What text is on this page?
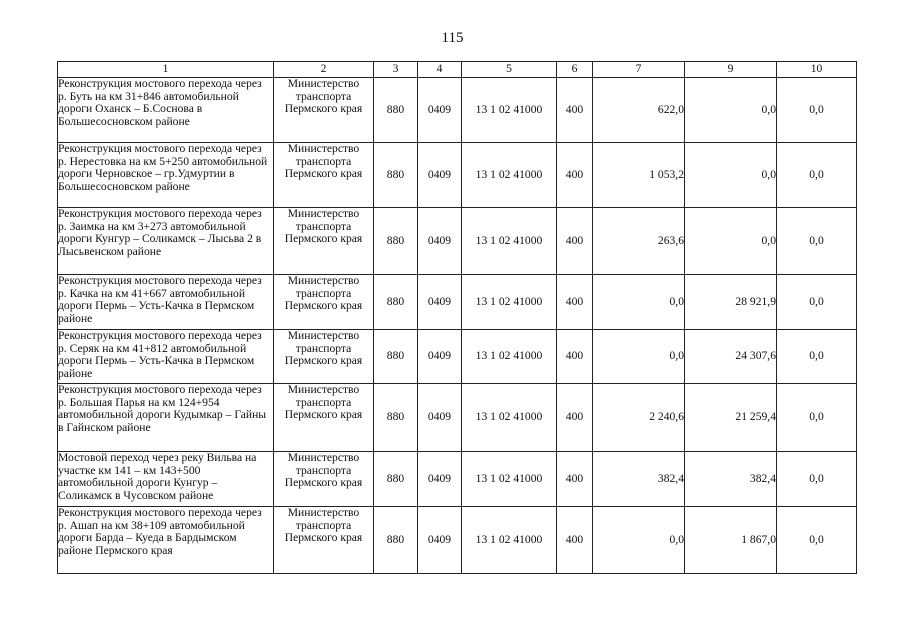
115
1	2	3	4	5	6	7	9	10
Реконструкция мостового перехода через р. Буть на км 31+846 автомобильной дороги Оханск – Б.Соснова в Большесосновском районе	Министерство транспорта Пермского края	880	0409	13 1 02 41000	400	622,0	0,0	0,0
Реконструкция мостового перехода через р. Нерестовка на км 5+250 автомобильной дороги Черновское – гр.Удмуртии в Большесосновском районе	Министерство транспорта Пермского края	880	0409	13 1 02 41000	400	1 053,2	0,0	0,0
Реконструкция мостового перехода через р. Заимка на км 3+273 автомобильной дороги Кунгур – Соликамск – Лысьва 2 в Лысьвенском районе	Министерство транспорта Пермского края	880	0409	13 1 02 41000	400	263,6	0,0	0,0
Реконструкция мостового перехода через р. Качка на км 41+667 автомобильной дороги Пермь – Усть-Качка в Пермском районе	Министерство транспорта Пермского края	880	0409	13 1 02 41000	400	0,0	28 921,9	0,0
Реконструкция мостового перехода через р. Серяк на км 41+812 автомобильной дороги Пермь – Усть-Качка в Пермском районе	Министерство транспорта Пермского края	880	0409	13 1 02 41000	400	0,0	24 307,6	0,0
Реконструкция мостового перехода через р. Большая Парья на км 124+954 автомобильной дороги Кудымкар – Гайны в Гайнском районе	Министерство транспорта Пермского края	880	0409	13 1 02 41000	400	2 240,6	21 259,4	0,0
Мостовой переход через реку Вильва на участке км 141 – км 143+500 автомобильной дороги Кунгур – Соликамск в Чусовском районе	Министерство транспорта Пермского края	880	0409	13 1 02 41000	400	382,4	382,4	0,0
Реконструкция мостового перехода через р. Ашап на км 38+109 автомобильной дороги Барда – Куеда в Бардымском районе Пермского края	Министерство транспорта Пермского края	880	0409	13 1 02 41000	400	0,0	1 867,0	0,0
